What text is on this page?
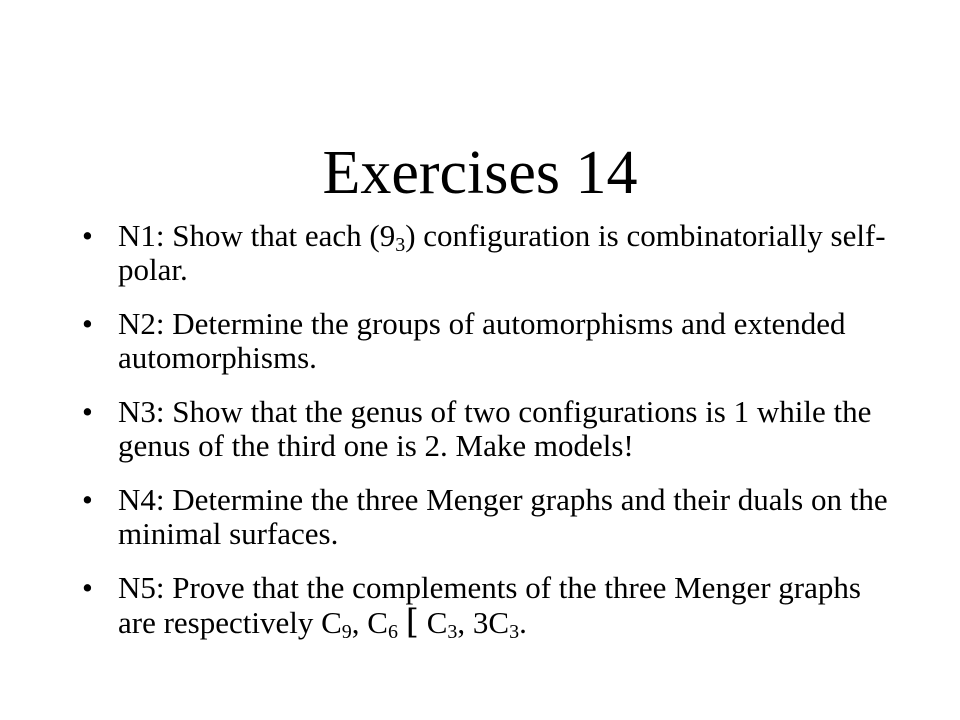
Exercises 14
• N1: Show that each $(9_3)$ configuration is combinatorially self-polar.
• N2: Determine the groups of automorphisms and extended automorphisms.
• N3: Show that the genus of two configurations is 1 while the genus of the third one is 2. Make models!
• N4: Determine the three Menger graphs and their duals on the minimal surfaces.
• N5: Prove that the complements of the three Menger graphs are respectively $C_9$, $C_6$ [ $C_3$, $3C_3$.
